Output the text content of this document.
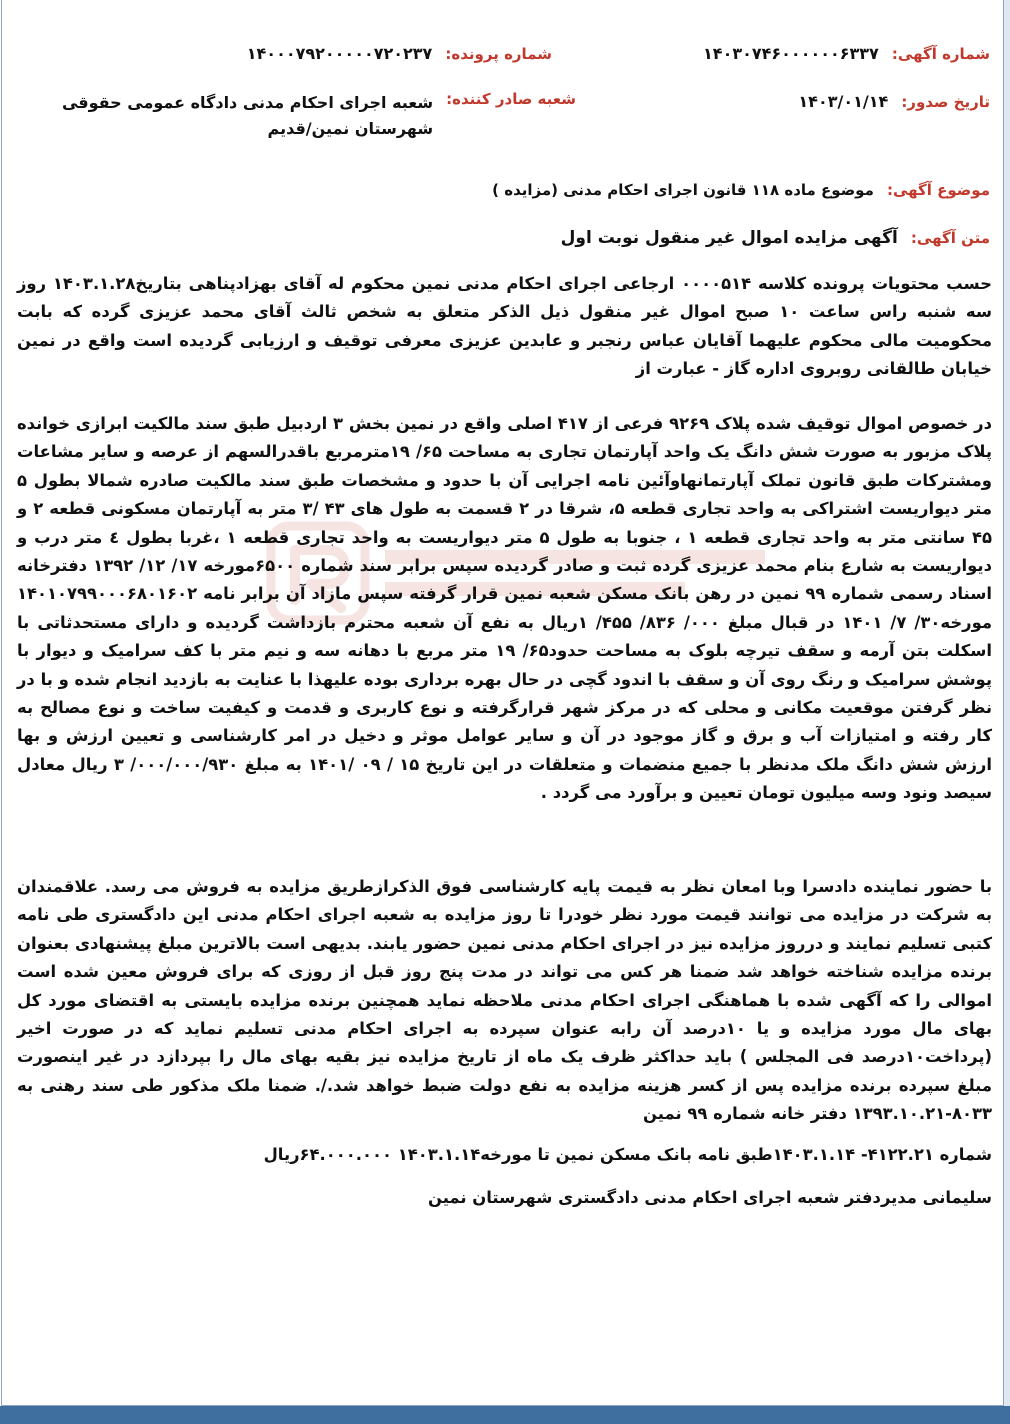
شماره آگهی: ۱۴۰۳۰۷۴۶۰۰۰۰۰۰۶۳۳۷
شماره پرونده: ۱۴۰۰۰۷۹۲۰۰۰۰۰۷۲۰۲۳۷
تاریخ صدور: ۱۴۰۳/۰۱/۱۴
شعبه صادر کننده: شعبه اجرای احکام مدنی دادگاه عمومی حقوقی شهرستان نمین/قدیم
موضوع آگهی: موضوع ماده ۱۱۸ قانون اجرای احکام مدنی (مزایده )
متن آگهی: آگهی مزایده اموال غیر منقول نوبت اول

حسب محتویات پرونده کلاسه ۰۰۰۰۵۱۴ ارجاعی اجرای احکام مدنی نمین محکوم له آقای بهزادپناهی بتاریخ۱۴۰۳.۱.۲۸ روز سه شنبه راس ساعت ۱۰ صبح اموال غیر منقول ذیل الذکر متعلق به شخص ثالث آقای محمد عزیزی گرده که بابت محکومیت مالی محکوم علیهما آقایان عباس رنجبر و عابدین عزیزی معرفی توقیف و ارزیابی گردیده است واقع در نمین خیابان طالقانی روبروی اداره گاز - عبارت از

در خصوص اموال توقیف شده پلاک ۹۲۶۹ فرعی از ۴۱۷ اصلی واقع در نمین بخش ۳ اردبیل طبق سند مالکیت ابرازی خوانده پلاک مزبور به صورت شش دانگ یک واحد آپارتمان تجاری به مساحت ۶۵/ ۱۹مترمربع باقدرالسهم از عرصه و سایر مشاعات ومشترکات طبق قانون تملک آپارتمانهاوآئین نامه اجرایی آن با حدود و مشخصات طبق سند مالکیت صادره شمالا بطول ۵ متر دیواریست اشتراکی به واحد تجاری قطعه ۵، شرقا در ۲ قسمت به طول های ۴۳ /۳ متر به آپارتمان مسکونی قطعه ۲ و ۴۵ سانتی متر به واحد تجاری قطعه ۱ ، جنوبا به طول ۵ متر دیواریست به واحد تجاری قطعه ۱ ،غربا بطول ٤ متر درب و دیواریست به شارع بنام محمد عزیزی گرده ثبت و صادر گردیده سپس برابر سند شماره ۶۵۰۰مورخه ۱۷/ ۱۲/ ۱۳۹۲ دفترخانه اسناد رسمی شماره ۹۹ نمین در رهن بانک مسکن شعبه نمین قرار گرفته سپس مازاد آن برابر نامه ۱۴۰۱۰۷۹۹۰۰۰۶۸۰۱۶۰۲ مورخه۳۰/ ۷/ ۱۴۰۱ در قبال مبلغ ۰۰۰/ ۸۳۶/ ۴۵۵/ ۱ریال به نفع آن شعبه محترم بازداشت گردیده و دارای مستحدثاتی با اسکلت بتن آرمه و سقف تیرچه بلوک به مساحت حدود۶۵/ ۱۹ متر مربع با دهانه سه و نیم متر با کف سرامیک و دیوار با پوشش سرامیک و رنگ روی آن و سقف با اندود گچی در حال بهره برداری بوده علیهذا با عنایت به بازدید انجام شده و با در نظر گرفتن موقعیت مکانی و محلی که در مرکز شهر قرارگرفته و نوع کاربری و قدمت و کیفیت ساخت و نوع مصالح به کار رفته و امتیازات آب و برق و گاز موجود در آن و سایر عوامل موثر و دخیل در امر کارشناسی و تعیین ارزش و بها ارزش شش دانگ ملک مدنظر با جمیع منضمات و متعلقات در این تاریخ ۱۵ / ۰۹ /۱۴۰۱ به مبلغ ۰۰۰/۰۰۰/۹۳۰/ ۳ ریال معادل سیصد ونود وسه میلیون تومان تعیین و برآورد می گردد .

با حضور نماینده دادسرا وبا امعان نظر به قیمت پایه کارشناسی فوق الذکرازطریق مزایده به فروش می رسد. علاقمندان به شرکت در مزایده می توانند قیمت مورد نظر خودرا تا روز مزایده به شعبه اجرای احکام مدنی این دادگستری طی نامه کتبی تسلیم نمایند و درروز مزایده نیز در اجرای احکام مدنی نمین حضور یابند. بدیهی است بالاترین مبلغ پیشنهادی بعنوان برنده مزایده شناخته خواهد شد ضمنا هر کس می تواند در مدت پنج روز قبل از روزی که برای فروش معین شده است اموالی را که آگهی شده با هماهنگی اجرای احکام مدنی ملاحظه نماید همچنین برنده مزایده بایستی به اقتضای مورد کل بهای مال مورد مزایده و یا ۱۰درصد آن رابه عنوان سپرده به اجرای احکام مدنی تسلیم نماید که در صورت اخیر (پرداخت۱۰درصد فی المجلس ) باید حداکثر ظرف یک ماه از تاریخ مزایده نیز بقیه بهای مال را بپردازد در غیر اینصورت مبلغ سپرده برنده مزایده پس از کسر هزینه مزایده به نفع دولت ضبط خواهد شد./. ضمنا ملک مذکور طی سند رهنی به ۸۰۳۳-۱۳۹۳.۱۰.۲۱ دفتر خانه شماره ۹۹ نمین

شماره ۴۱۲۲.۲۱- ۱۴۰۳.۱.۱۴طبق نامه بانک مسکن نمین تا مورخه۱۴۰۳.۱.۱۴ ۶۴.۰۰۰.۰۰۰ریال
سلیمانی مدیردفتر شعبه اجرای احکام مدنی دادگستری شهرستان نمین
